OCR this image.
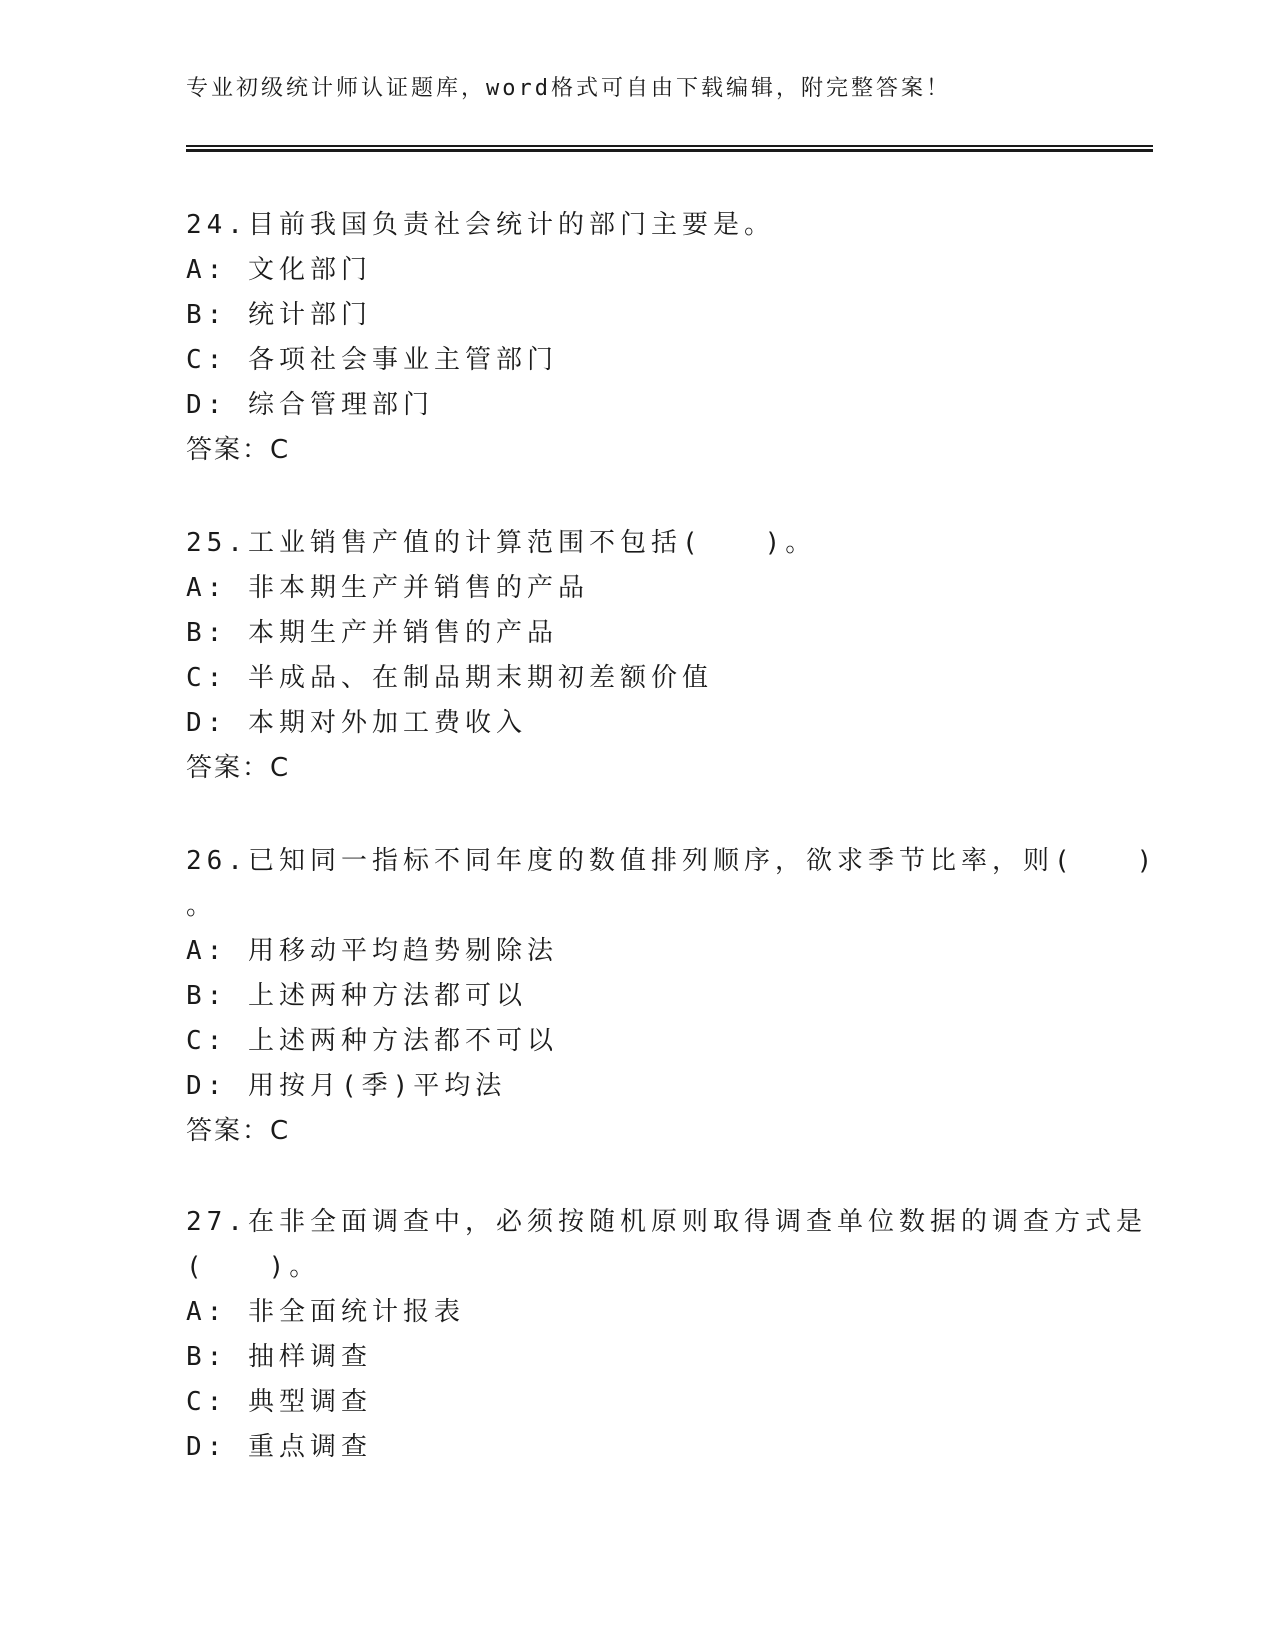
专业初级统计师认证题库，word格式可自由下载编辑，附完整答案！
24.目前我国负责社会统计的部门主要是。
A: 文化部门
B: 统计部门
C: 各项社会事业主管部门
D: 综合管理部门
答案：C
25.工业销售产值的计算范围不包括(　　)。
A: 非本期生产并销售的产品
B: 本期生产并销售的产品
C: 半成品、在制品期末期初差额价值
D: 本期对外加工费收入
答案：C
26.已知同一指标不同年度的数值排列顺序，欲求季节比率，则(　　)
。
A: 用移动平均趋势剔除法
B: 上述两种方法都可以
C: 上述两种方法都不可以
D: 用按月(季)平均法
答案：C
27.在非全面调查中，必须按随机原则取得调查单位数据的调查方式是
(　　)。
A: 非全面统计报表
B: 抽样调查
C: 典型调查
D: 重点调查
